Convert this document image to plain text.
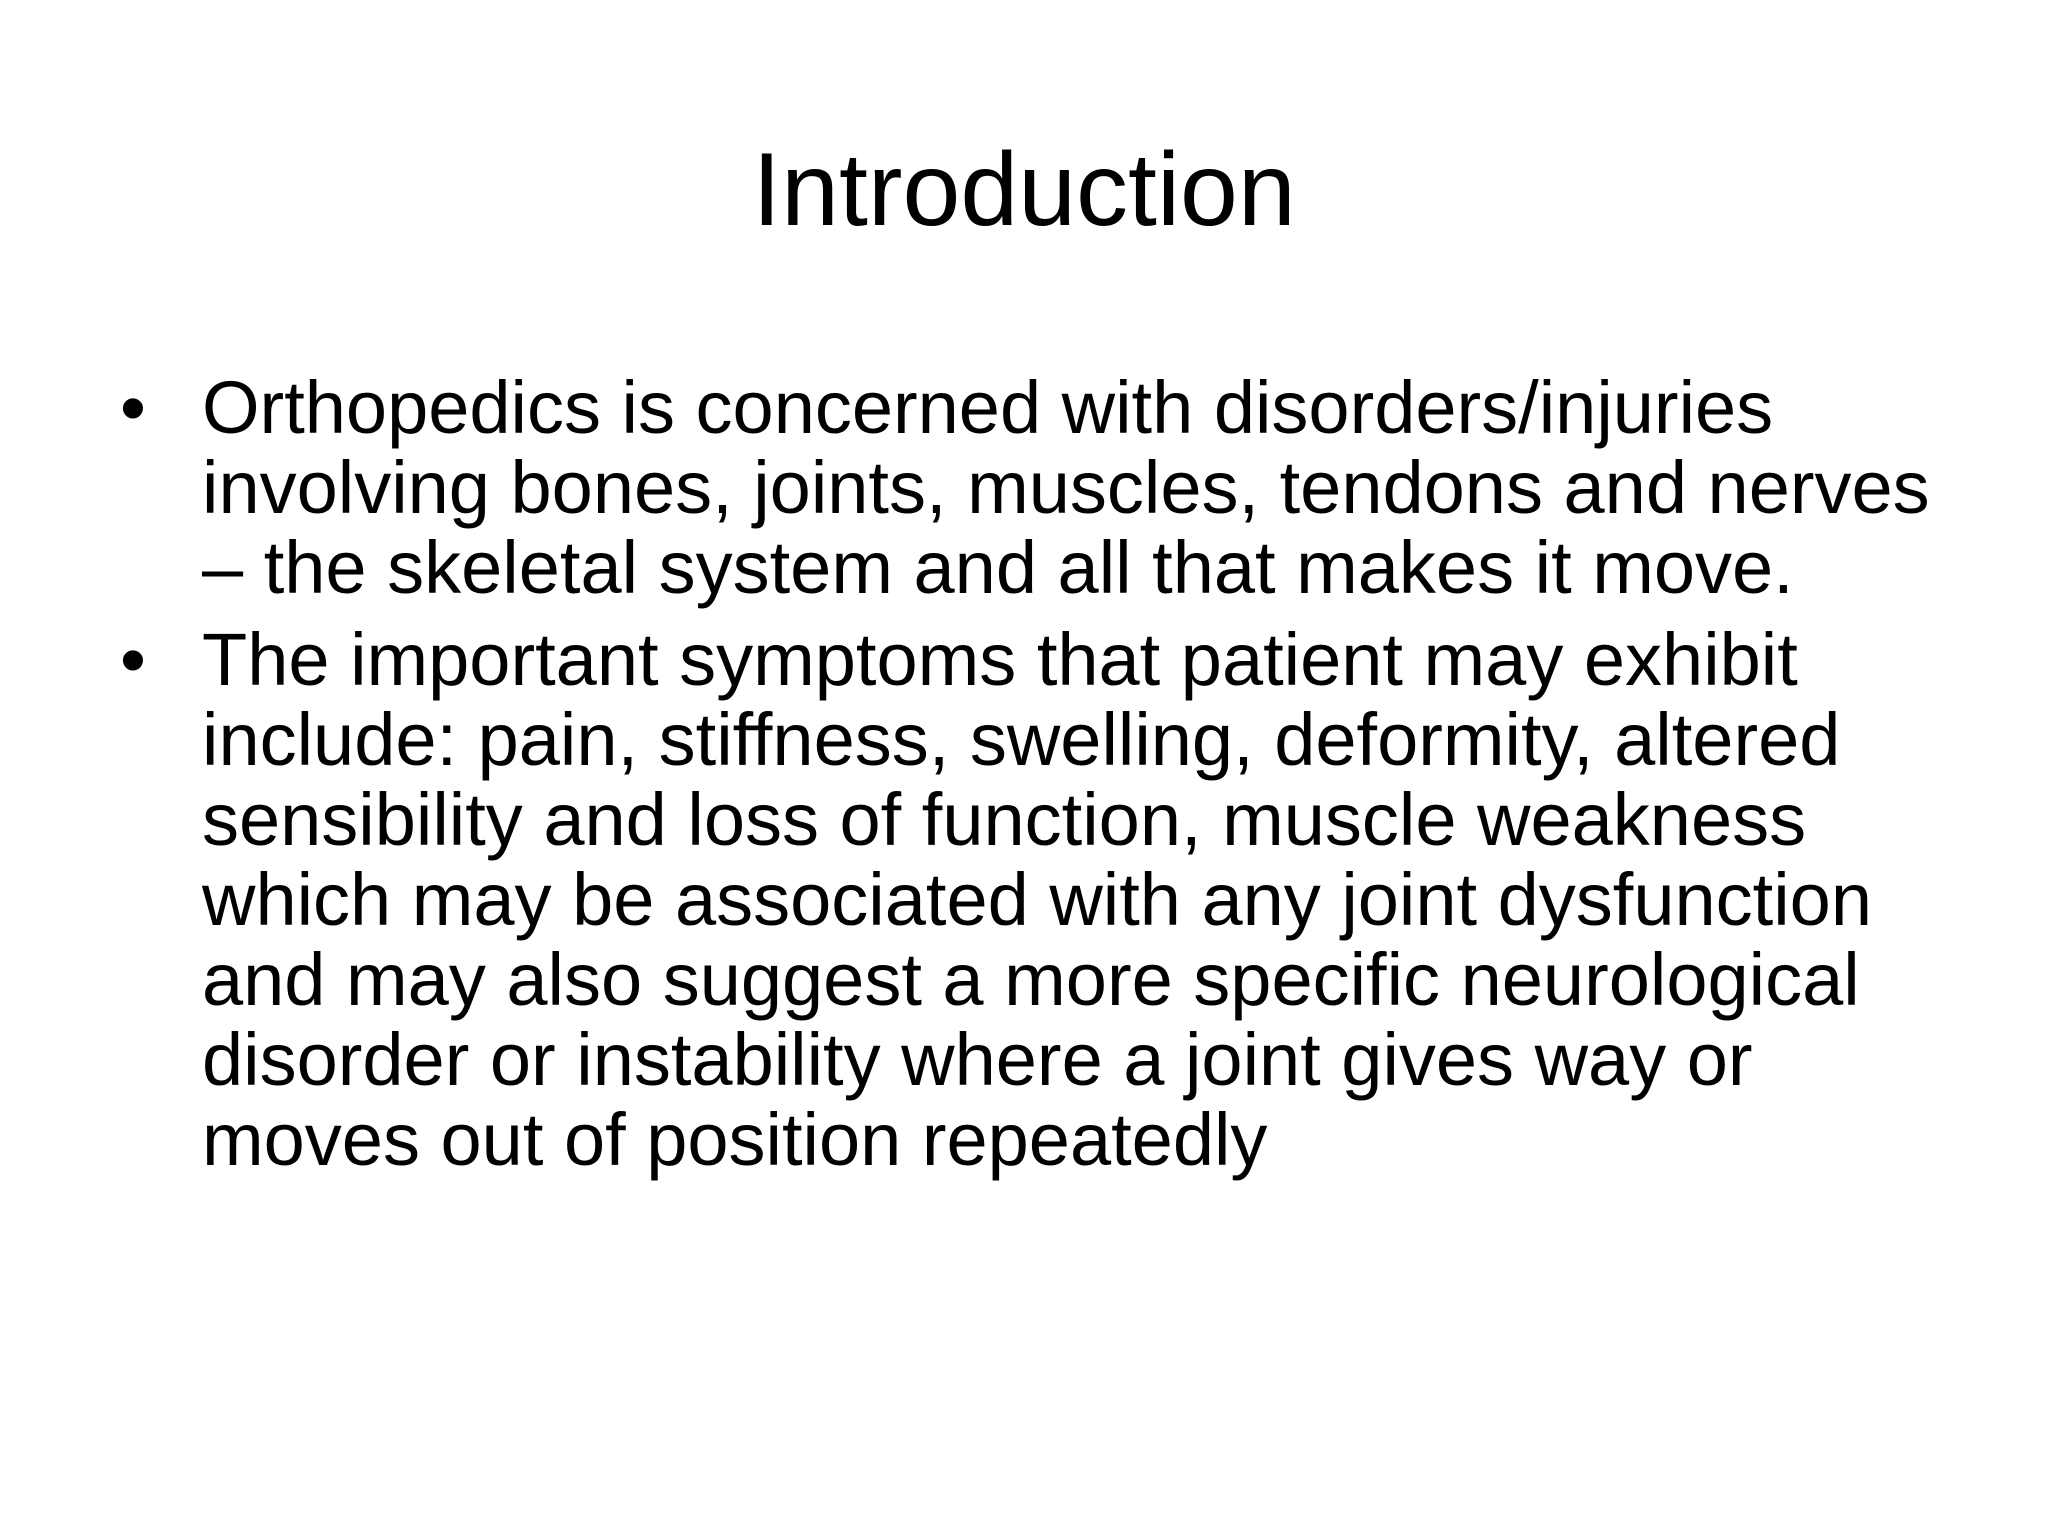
Introduction
• Orthopedics is concerned with disorders/injuries involving bones, joints, muscles, tendons and nerves – the skeletal system and all that makes it move.
• The important symptoms that patient may exhibit include: pain, stiffness, swelling, deformity, altered sensibility and loss of function, muscle weakness which may be associated with any joint dysfunction and may also suggest a more specific neurological disorder or instability where a joint gives way or moves out of position repeatedly
